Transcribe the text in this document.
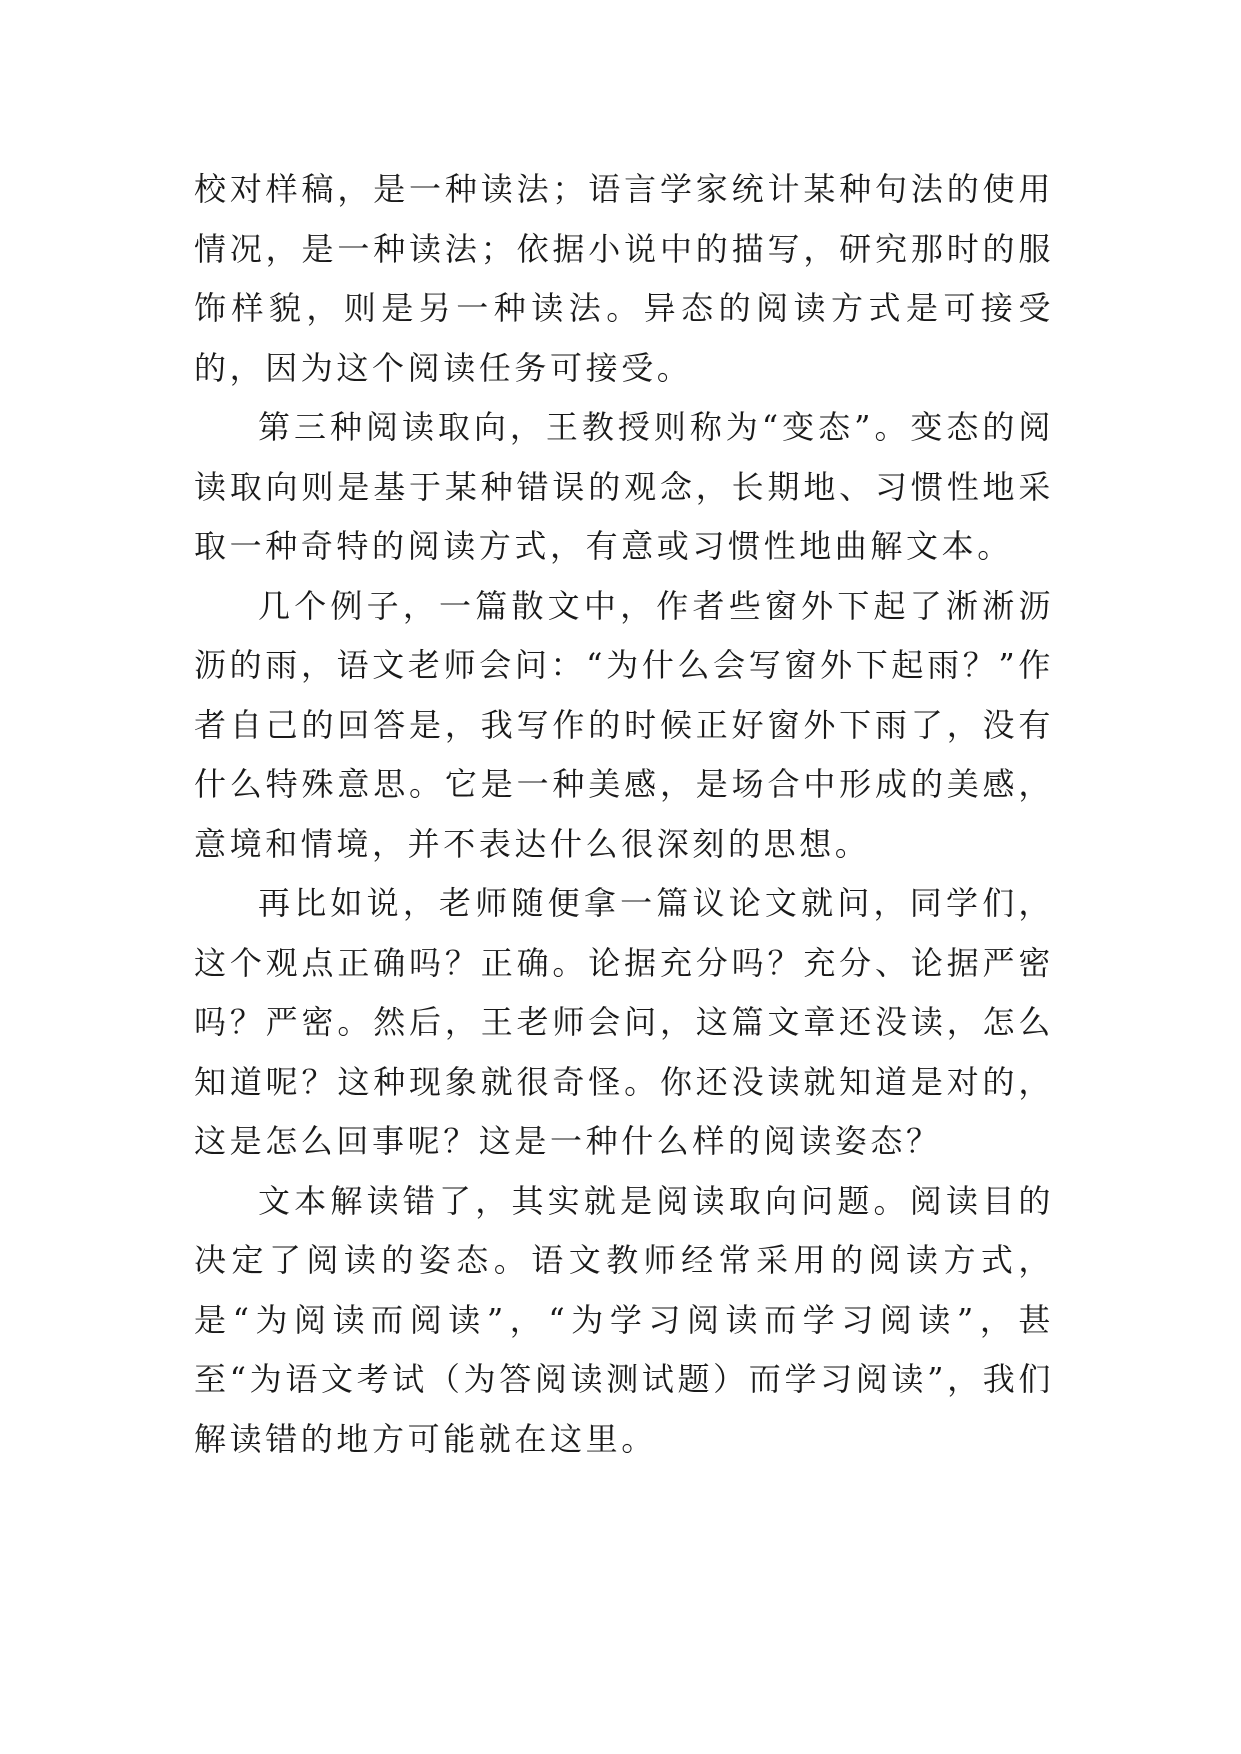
校对样稿，是一种读法；语言学家统计某种句法的使用情况，是一种读法；依据小说中的描写，研究那时的服饰样貌，则是另一种读法。异态的阅读方式是可接受的，因为这个阅读任务可接受。

第三种阅读取向，王教授则称为“变态”。变态的阅读取向则是基于某种错误的观念，长期地、习惯性地采取一种奇特的阅读方式，有意或习惯性地曲解文本。

几个例子，一篇散文中，作者些窗外下起了淅淅沥沥的雨，语文老师会问：“为什么会写窗外下起雨？”作者自己的回答是，我写作的时候正好窗外下雨了，没有什么特殊意思。它是一种美感，是场合中形成的美感，意境和情境，并不表达什么很深刻的思想。

再比如说，老师随便拿一篇议论文就问，同学们，这个观点正确吗？正确。论据充分吗？充分、论据严密吗？严密。然后，王老师会问，这篇文章还没读，怎么知道呢？这种现象就很奇怪。你还没读就知道是对的，这是怎么回事呢？这是一种什么样的阅读姿态？

文本解读错了，其实就是阅读取向问题。阅读目的决定了阅读的姿态。语文教师经常采用的阅读方式，是“为阅读而阅读”，“为学习阅读而学习阅读”，甚至“为语文考试（为答阅读测试题）而学习阅读”，我们解读错的地方可能就在这里。
